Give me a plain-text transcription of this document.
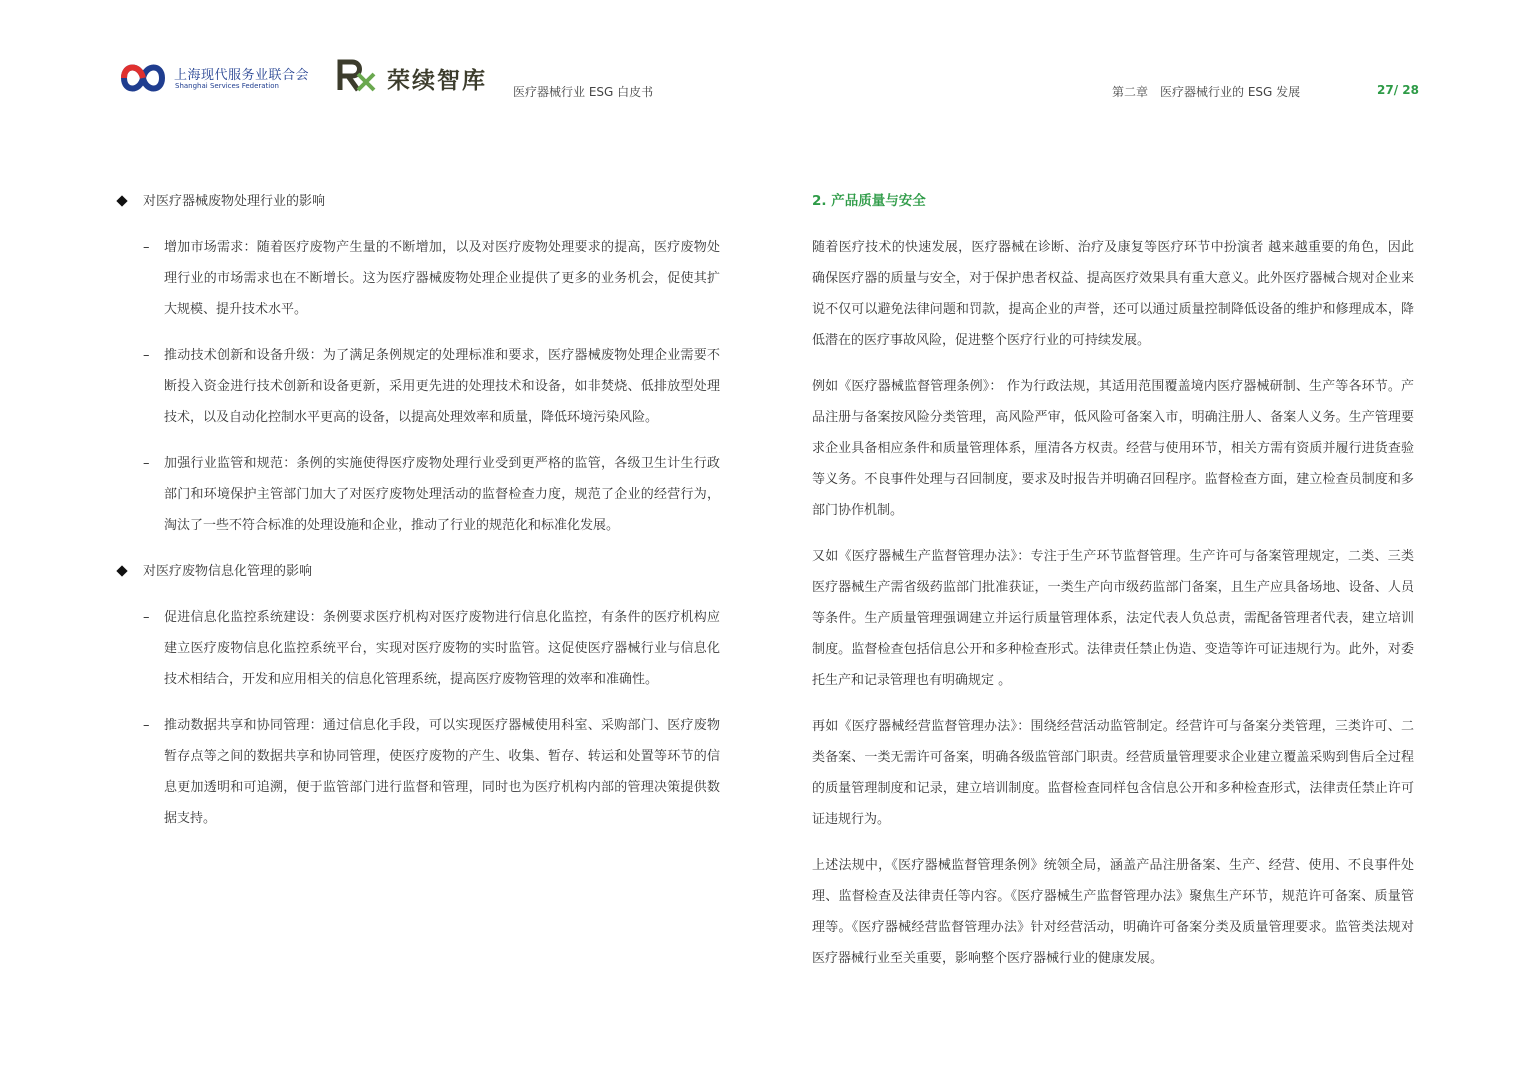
上海现代服务业联合会
Shanghai Services Federation	荣续智库 医疗器械行业 ESG 白皮书	第二章　医疗器械行业的 ESG 发展	27/ 28
对医疗器械废物处理行业的影响
– 增加市场需求：随着医疗废物产生量的不断增加，以及对医疗废物处理要求的提高，医疗废物处理行业的市场需求也在不断增长。这为医疗器械废物处理企业提供了更多的业务机会，促使其扩大规模、提升技术水平。
– 推动技术创新和设备升级：为了满足条例规定的处理标准和要求，医疗器械废物处理企业需要不断投入资金进行技术创新和设备更新，采用更先进的处理技术和设备，如非焚烧、低排放型处理技术，以及自动化控制水平更高的设备，以提高处理效率和质量，降低环境污染风险。
– 加强行业监管和规范：条例的实施使得医疗废物处理行业受到更严格的监管，各级卫生计生行政部门和环境保护主管部门加大了对医疗废物处理活动的监督检查力度，规范了企业的经营行为，淘汰了一些不符合标准的处理设施和企业，推动了行业的规范化和标准化发展。
对医疗废物信息化管理的影响
– 促进信息化监控系统建设：条例要求医疗机构对医疗废物进行信息化监控，有条件的医疗机构应建立医疗废物信息化监控系统平台，实现对医疗废物的实时监管。这促使医疗器械行业与信息化技术相结合，开发和应用相关的信息化管理系统，提高医疗废物管理的效率和准确性。
– 推动数据共享和协同管理：通过信息化手段，可以实现医疗器械使用科室、采购部门、医疗废物暂存点等之间的数据共享和协同管理，使医疗废物的产生、收集、暂存、转运和处置等环节的信息更加透明和可追溯，便于监管部门进行监督和管理，同时也为医疗机构内部的管理决策提供数据支持。
2. 产品质量与安全
随着医疗技术的快速发展，医疗器械在诊断、治疗及康复等医疗环节中扮演者 越来越重要的角色，因此确保医疗器的质量与安全，对于保护患者权益、提高医疗效果具有重大意义。此外医疗器械合规对企业来说不仅可以避免法律问题和罚款，提高企业的声誉，还可以通过质量控制降低设备的维护和修理成本，降低潜在的医疗事故风险，促进整个医疗行业的可持续发展。
例如《医疗器械监督管理条例》： 作为行政法规，其适用范围覆盖境内医疗器械研制、生产等各环节。产品注册与备案按风险分类管理，高风险严审，低风险可备案入市，明确注册人、备案人义务。生产管理要求企业具备相应条件和质量管理体系，厘清各方权责。经营与使用环节，相关方需有资质并履行进货查验等义务。不良事件处理与召回制度，要求及时报告并明确召回程序。监督检查方面，建立检查员制度和多部门协作机制。
又如《医疗器械生产监督管理办法》：专注于生产环节监督管理。生产许可与备案管理规定，二类、三类医疗器械生产需省级药监部门批准获证，一类生产向市级药监部门备案，且生产应具备场地、设备、人员等条件。生产质量管理强调建立并运行质量管理体系，法定代表人负总责，需配备管理者代表，建立培训制度。监督检查包括信息公开和多种检查形式。法律责任禁止伪造、变造等许可证违规行为。此外，对委托生产和记录管理也有明确规定 。
再如《医疗器械经营监督管理办法》：围绕经营活动监管制定。经营许可与备案分类管理，三类许可、二类备案、一类无需许可备案，明确各级监管部门职责。经营质量管理要求企业建立覆盖采购到售后全过程的质量管理制度和记录，建立培训制度。监督检查同样包含信息公开和多种检查形式，法律责任禁止许可证违规行为。
上述法规中，《医疗器械监督管理条例》统领全局，涵盖产品注册备案、生产、经营、使用、不良事件处理、监督检查及法律责任等内容。《医疗器械生产监督管理办法》聚焦生产环节，规范许可备案、质量管理等。《医疗器械经营监督管理办法》针对经营活动，明确许可备案分类及质量管理要求。监管类法规对医疗器械行业至关重要，影响整个医疗器械行业的健康发展。
